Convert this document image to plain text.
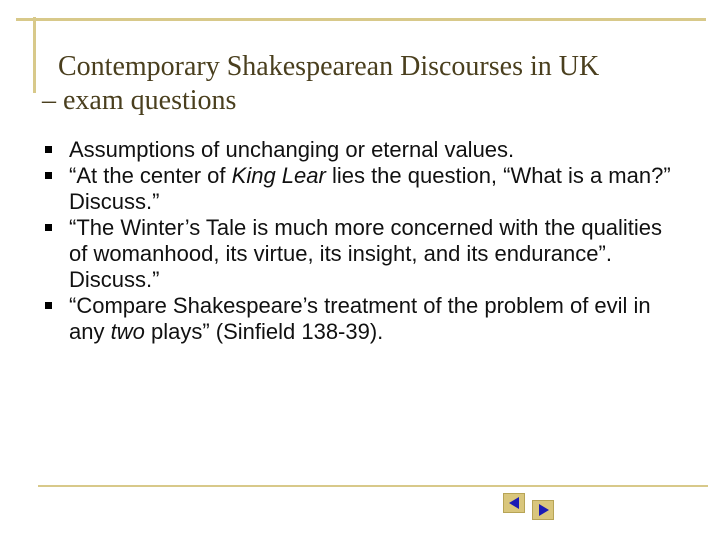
Contemporary Shakespearean Discourses in UK
– exam questions
Assumptions of unchanging or eternal values.
“At the center of King Lear lies the question, “What is a man?” Discuss.”
“The Winter’s Tale is much more concerned with the qualities of womanhood, its virtue, its insight, and its endurance”. Discuss.”
“Compare Shakespeare’s treatment of the problem of evil in any two plays” (Sinfield 138-39).
